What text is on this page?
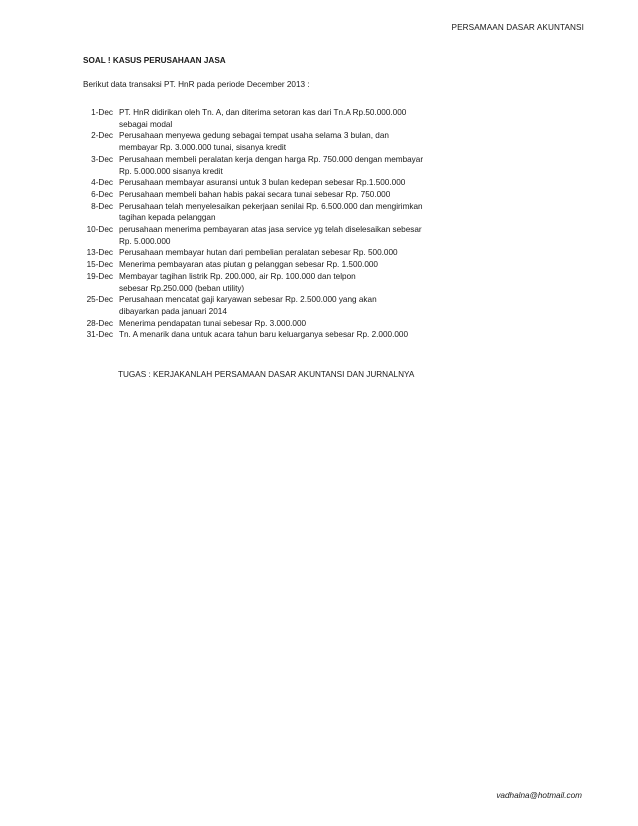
PERSAMAAN DASAR AKUNTANSI
SOAL ! KASUS PERUSAHAAN JASA
Berikut data transaksi PT. HnR pada periode December 2013 :
1-Dec PT. HnR didirikan oleh Tn. A, dan diterima setoran kas dari Tn.A Rp.50.000.000
sebagai modal
2-Dec Perusahaan menyewa gedung sebagai tempat usaha selama 3 bulan, dan
membayar Rp. 3.000.000 tunai, sisanya kredit
3-Dec Perusahaan membeli peralatan kerja dengan harga Rp. 750.000 dengan membayar
Rp. 5.000.000 sisanya kredit
4-Dec Perusahaan membayar asuransi untuk 3 bulan kedepan sebesar Rp.1.500.000
6-Dec Perusahaan membeli bahan habis pakai secara tunai sebesar Rp. 750.000
8-Dec Perusahaan telah menyelesaikan pekerjaan senilai Rp. 6.500.000 dan mengirimkan
tagihan kepada pelanggan
10-Dec perusahaan menerima pembayaran atas jasa service yg telah diselesaikan sebesar
Rp. 5.000.000
13-Dec Perusahaan membayar hutan dari pembelian peralatan sebesar Rp. 500.000
15-Dec Menerima pembayaran atas piutan g pelanggan sebesar Rp. 1.500.000
19-Dec Membayar tagihan listrik Rp. 200.000, air Rp. 100.000 dan telpon
sebesar Rp.250.000 (beban utility)
25-Dec Perusahaan mencatat gaji karyawan sebesar Rp. 2.500.000 yang akan
dibayarkan pada januari 2014
28-Dec Menerima pendapatan tunai sebesar Rp. 3.000.000
31-Dec Tn. A menarik dana untuk acara tahun baru keluarganya sebesar Rp. 2.000.000
TUGAS : KERJAKANLAH PERSAMAAN DASAR AKUNTANSI DAN JURNALNYA
vadhalna@hotmail.com
